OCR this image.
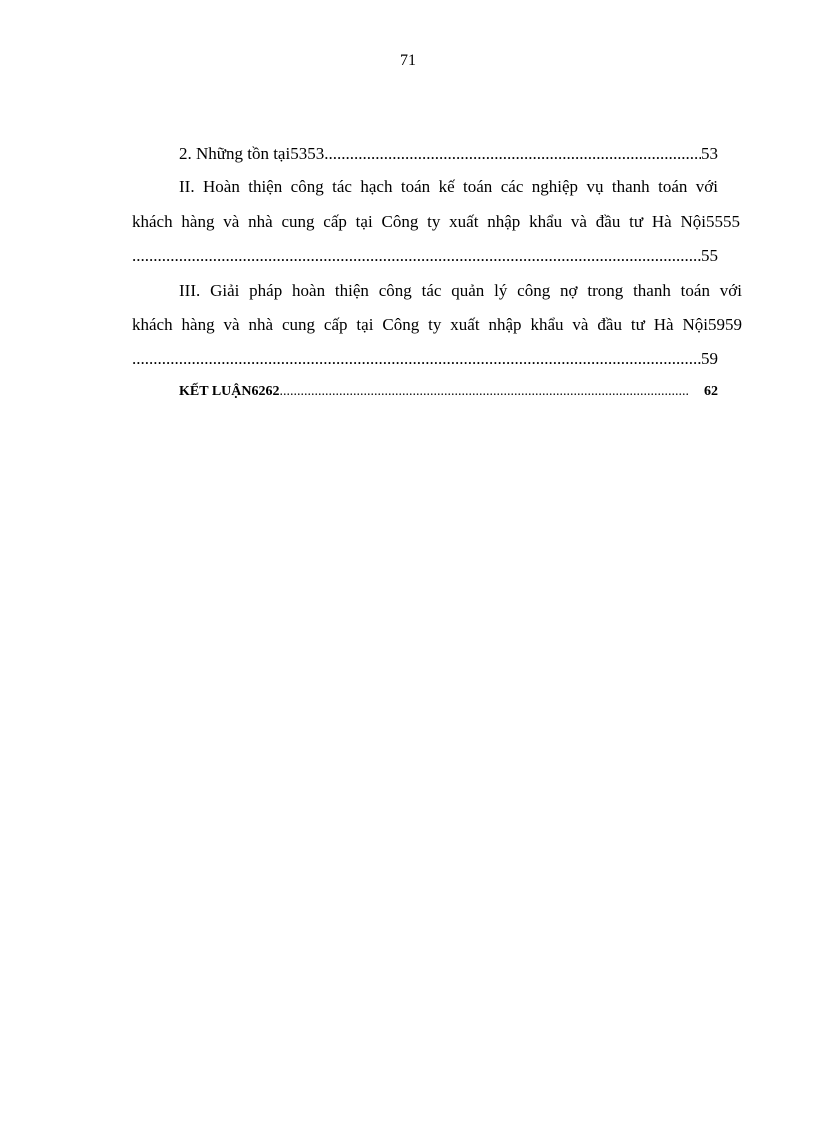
71
2. Những tồn tại5353 .....	53
II. Hoàn thiện công tác hạch toán kế toán các nghiệp vụ thanh toán với
khách hàng và nhà cung cấp tại Công ty xuất nhập khẩu và đầu tư Hà Nội5555
.....
55
III. Giải pháp hoàn thiện công tác quản lý công nợ trong thanh toán với
khách hàng và nhà cung cấp tại Công ty xuất nhập khẩu và đầu tư Hà Nội5959
.....
59
KẾT LUẬN6262 .....	62
